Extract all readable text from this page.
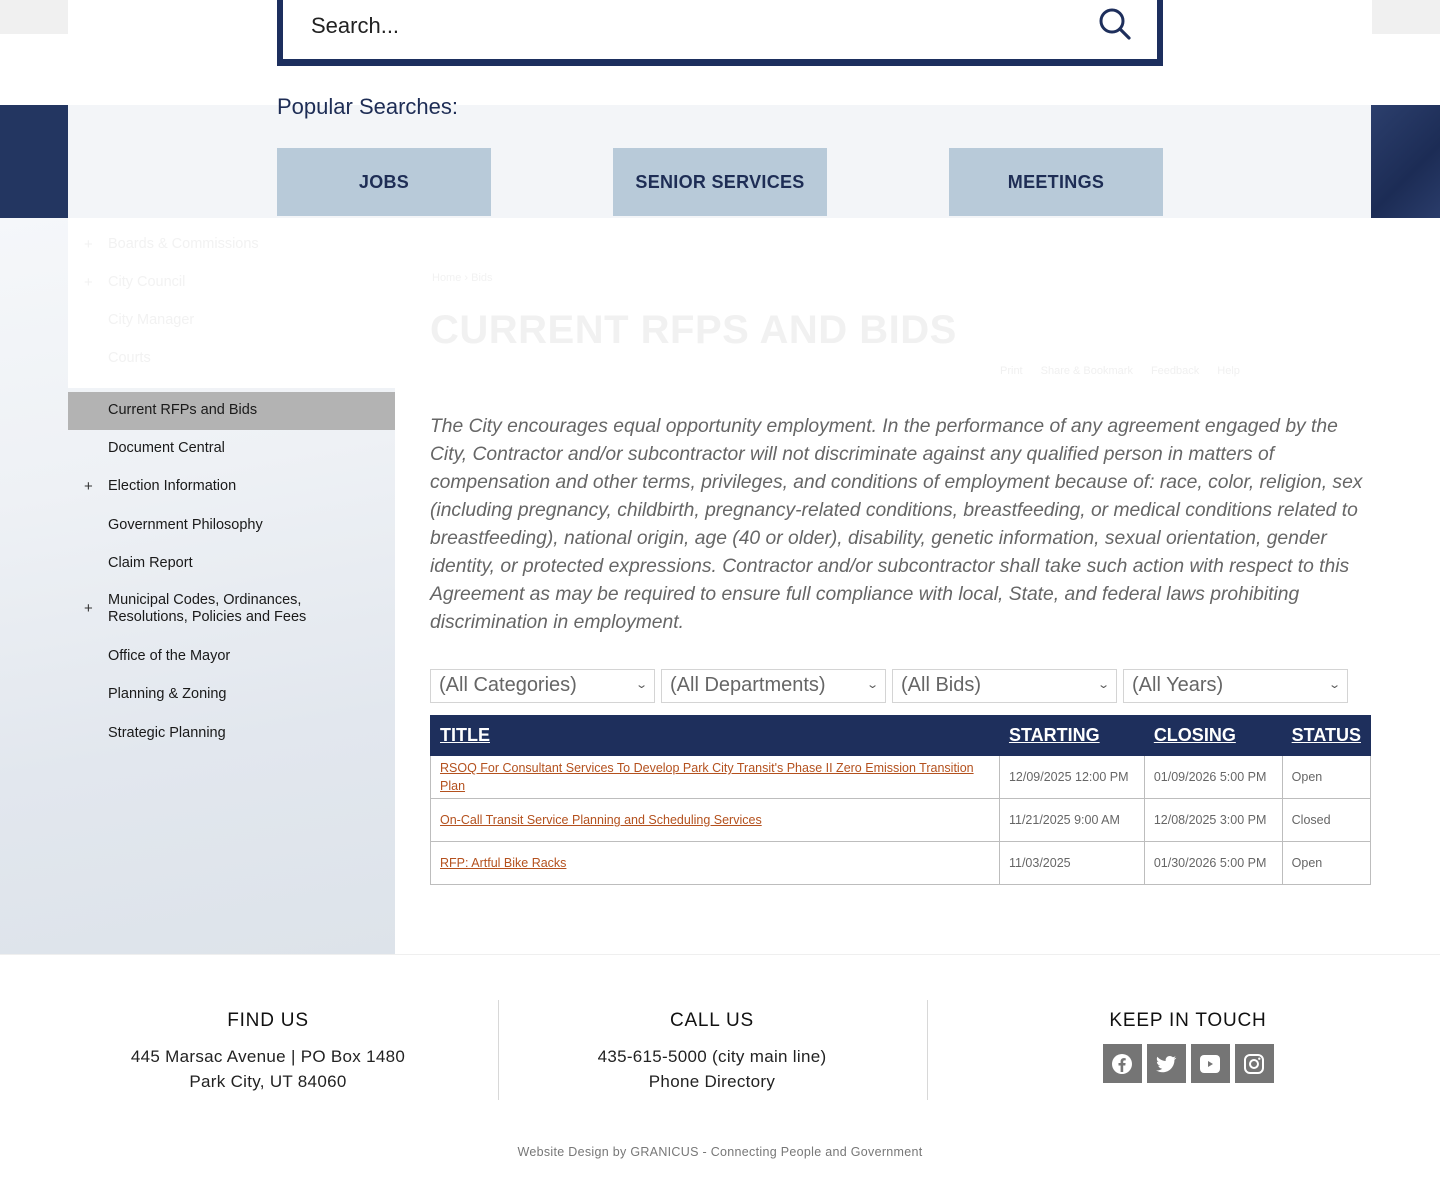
Search...
Popular Searches:
JOBS	SENIOR SERVICES	MEETINGS
+ Boards & Commissions
+ City Council
City Manager
Courts
Current RFPs and Bids
Document Central
+ Election Information
Government Philosophy
Claim Report
+ Municipal Codes, Ordinances, Resolutions, Policies and Fees
Office of the Mayor
Planning & Zoning
Strategic Planning
Home › Bids
CURRENT RFPS AND BIDS
Print Share & Bookmark Feedback Help

The City encourages equal opportunity employment. In the performance of any agreement engaged by the City, Contractor and/or subcontractor will not discriminate against any qualified person in matters of compensation and other terms, privileges, and conditions of employment because of: race, color, religion, sex (including pregnancy, childbirth, pregnancy-related conditions, breastfeeding, or medical conditions related to breastfeeding), national origin, age (40 or older), disability, genetic information, sexual orientation, gender identity, or protected expressions. Contractor and/or subcontractor shall take such action with respect to this Agreement as may be required to ensure full compliance with local, State, and federal laws prohibiting discrimination in employment.

(All Categories)	⌄	(All Departments)	⌄	(All Bids)	⌄	(All Years)	⌄
TITLE	STARTING	CLOSING	STATUS
RSOQ For Consultant Services To Develop Park City Transit's Phase II Zero Emission Transition Plan	12/09/2025 12:00 PM	01/09/2026 5:00 PM	Open
On-Call Transit Service Planning and Scheduling Services	11/21/2025 9:00 AM	12/08/2025 3:00 PM	Closed
RFP: Artful Bike Racks	11/03/2025	01/30/2026 5:00 PM	Open
FIND US

445 Marsac Avenue | PO Box 1480

Park City, UT 84060

CALL US

435-615-5000 (city main line)

Phone Directory

KEEP IN TOUCH
Website Design by GRANICUS - Connecting People and Government
